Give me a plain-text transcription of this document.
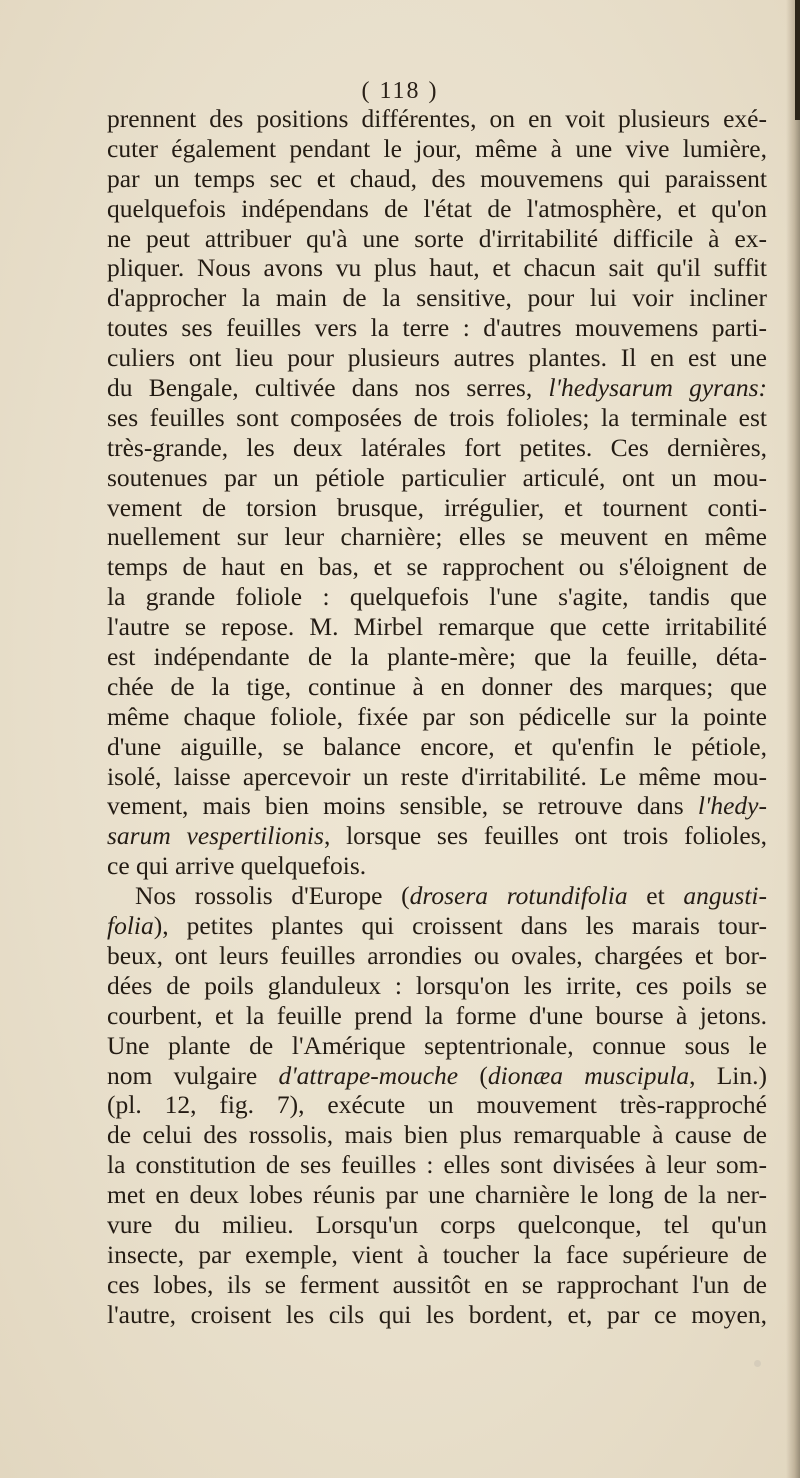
( 118 )
prennent des positions différentes, on en voit plusieurs exé-
cuter également pendant le jour, même à une vive lumière,
par un temps sec et chaud, des mouvemens qui paraissent
quelquefois indépendans de l'état de l'atmosphère, et qu'on
ne peut attribuer qu'à une sorte d'irritabilité difficile à ex-
pliquer. Nous avons vu plus haut, et chacun sait qu'il suffit
d'approcher la main de la sensitive, pour lui voir incliner
toutes ses feuilles vers la terre : d'autres mouvemens parti-
culiers ont lieu pour plusieurs autres plantes. Il en est une
du Bengale, cultivée dans nos serres, l'hedysarum gyrans:
ses feuilles sont composées de trois folioles; la terminale est
très-grande, les deux latérales fort petites. Ces dernières,
soutenues par un pétiole particulier articulé, ont un mou-
vement de torsion brusque, irrégulier, et tournent conti-
nuellement sur leur charnière; elles se meuvent en même
temps de haut en bas, et se rapprochent ou s'éloignent de
la grande foliole : quelquefois l'une s'agite, tandis que
l'autre se repose. M. Mirbel remarque que cette irritabilité
est indépendante de la plante-mère; que la feuille, déta-
chée de la tige, continue à en donner des marques; que
même chaque foliole, fixée par son pédicelle sur la pointe
d'une aiguille, se balance encore, et qu'enfin le pétiole,
isolé, laisse apercevoir un reste d'irritabilité. Le même mou-
vement, mais bien moins sensible, se retrouve dans l'hedy-
sarum vespertilionis, lorsque ses feuilles ont trois folioles,
ce qui arrive quelquefois.
Nos rossolis d'Europe (drosera rotundifolia et angusti-
folia), petites plantes qui croissent dans les marais tour-
beux, ont leurs feuilles arrondies ou ovales, chargées et bor-
dées de poils glanduleux : lorsqu'on les irrite, ces poils se
courbent, et la feuille prend la forme d'une bourse à jetons.
Une plante de l'Amérique septentrionale, connue sous le
nom vulgaire d'attrape-mouche (dionæa muscipula, Lin.)
(pl. 12, fig. 7), exécute un mouvement très-rapproché
de celui des rossolis, mais bien plus remarquable à cause de
la constitution de ses feuilles : elles sont divisées à leur som-
met en deux lobes réunis par une charnière le long de la ner-
vure du milieu. Lorsqu'un corps quelconque, tel qu'un
insecte, par exemple, vient à toucher la face supérieure de
ces lobes, ils se ferment aussitôt en se rapprochant l'un de
l'autre, croisent les cils qui les bordent, et, par ce moyen,
